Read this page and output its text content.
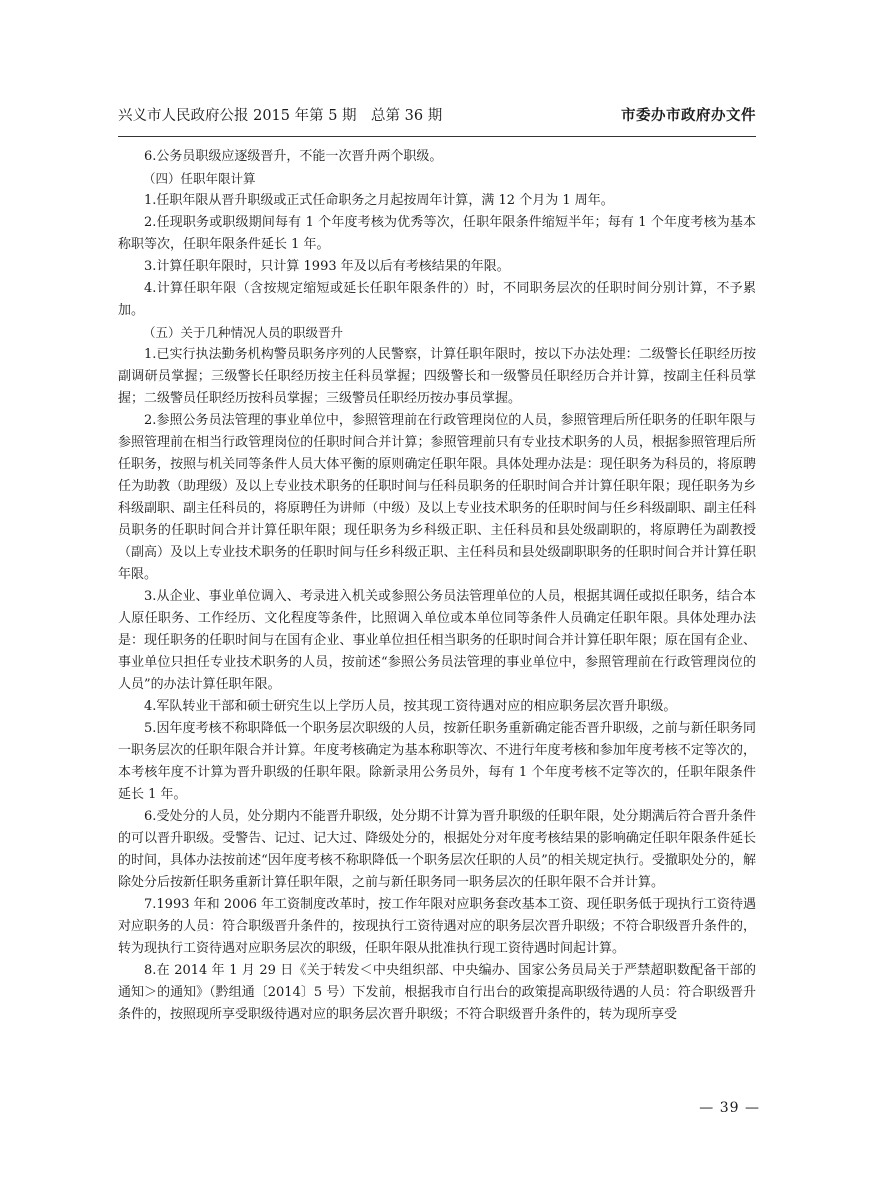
兴义市人民政府公报 2015 年第 5 期　总第 36 期	市委办市政府办文件

6.公务员职级应逐级晋升，不能一次晋升两个职级。

（四）任职年限计算

1.任职年限从晋升职级或正式任命职务之月起按周年计算，满 12 个月为 1 周年。

2.任现职务或职级期间每有 1 个年度考核为优秀等次，任职年限条件缩短半年；每有 1 个年度考核为基本称职等次，任职年限条件延长 1 年。

3.计算任职年限时，只计算 1993 年及以后有考核结果的年限。

4.计算任职年限（含按规定缩短或延长任职年限条件的）时，不同职务层次的任职时间分别计算，不予累加。

（五）关于几种情况人员的职级晋升

1.已实行执法勤务机构警员职务序列的人民警察，计算任职年限时，按以下办法处理：二级警长任职经历按副调研员掌握；三级警长任职经历按主任科员掌握；四级警长和一级警员任职经历合并计算，按副主任科员掌握；二级警员任职经历按科员掌握；三级警员任职经历按办事员掌握。

2.参照公务员法管理的事业单位中，参照管理前在行政管理岗位的人员，参照管理后所任职务的任职年限与参照管理前在相当行政管理岗位的任职时间合并计算；参照管理前只有专业技术职务的人员，根据参照管理后所任职务，按照与机关同等条件人员大体平衡的原则确定任职年限。具体处理办法是：现任职务为科员的，将原聘任为助教（助理级）及以上专业技术职务的任职时间与任科员职务的任职时间合并计算任职年限；现任职务为乡科级副职、副主任科员的，将原聘任为讲师（中级）及以上专业技术职务的任职时间与任乡科级副职、副主任科员职务的任职时间合并计算任职年限；现任职务为乡科级正职、主任科员和县处级副职的，将原聘任为副教授（副高）及以上专业技术职务的任职时间与任乡科级正职、主任科员和县处级副职职务的任职时间合并计算任职年限。

3.从企业、事业单位调入、考录进入机关或参照公务员法管理单位的人员，根据其调任或拟任职务，结合本人原任职务、工作经历、文化程度等条件，比照调入单位或本单位同等条件人员确定任职年限。具体处理办法是：现任职务的任职时间与在国有企业、事业单位担任相当职务的任职时间合并计算任职年限；原在国有企业、事业单位只担任专业技术职务的人员，按前述“参照公务员法管理的事业单位中，参照管理前在行政管理岗位的人员”的办法计算任职年限。

4.军队转业干部和硕士研究生以上学历人员，按其现工资待遇对应的相应职务层次晋升职级。

5.因年度考核不称职降低一个职务层次职级的人员，按新任职务重新确定能否晋升职级，之前与新任职务同一职务层次的任职年限合并计算。年度考核确定为基本称职等次、不进行年度考核和参加年度考核不定等次的，本考核年度不计算为晋升职级的任职年限。除新录用公务员外，每有 1 个年度考核不定等次的，任职年限条件延长 1 年。

6.受处分的人员，处分期内不能晋升职级，处分期不计算为晋升职级的任职年限，处分期满后符合晋升条件的可以晋升职级。受警告、记过、记大过、降级处分的，根据处分对年度考核结果的影响确定任职年限条件延长的时间，具体办法按前述“因年度考核不称职降低一个职务层次任职的人员”的相关规定执行。受撤职处分的，解除处分后按新任职务重新计算任职年限，之前与新任职务同一职务层次的任职年限不合并计算。

7.1993 年和 2006 年工资制度改革时，按工作年限对应职务套改基本工资、现任职务低于现执行工资待遇对应职务的人员：符合职级晋升条件的，按现执行工资待遇对应的职务层次晋升职级；不符合职级晋升条件的，转为现执行工资待遇对应职务层次的职级，任职年限从批准执行现工资待遇时间起计算。

8.在 2014 年 1 月 29 日《关于转发＜中央组织部、中央编办、国家公务员局关于严禁超职数配备干部的通知＞的通知》（黔组通〔2014〕5 号）下发前，根据我市自行出台的政策提高职级待遇的人员：符合职级晋升条件的，按照现所享受职级待遇对应的职务层次晋升职级；不符合职级晋升条件的，转为现所享受

— 39 —
